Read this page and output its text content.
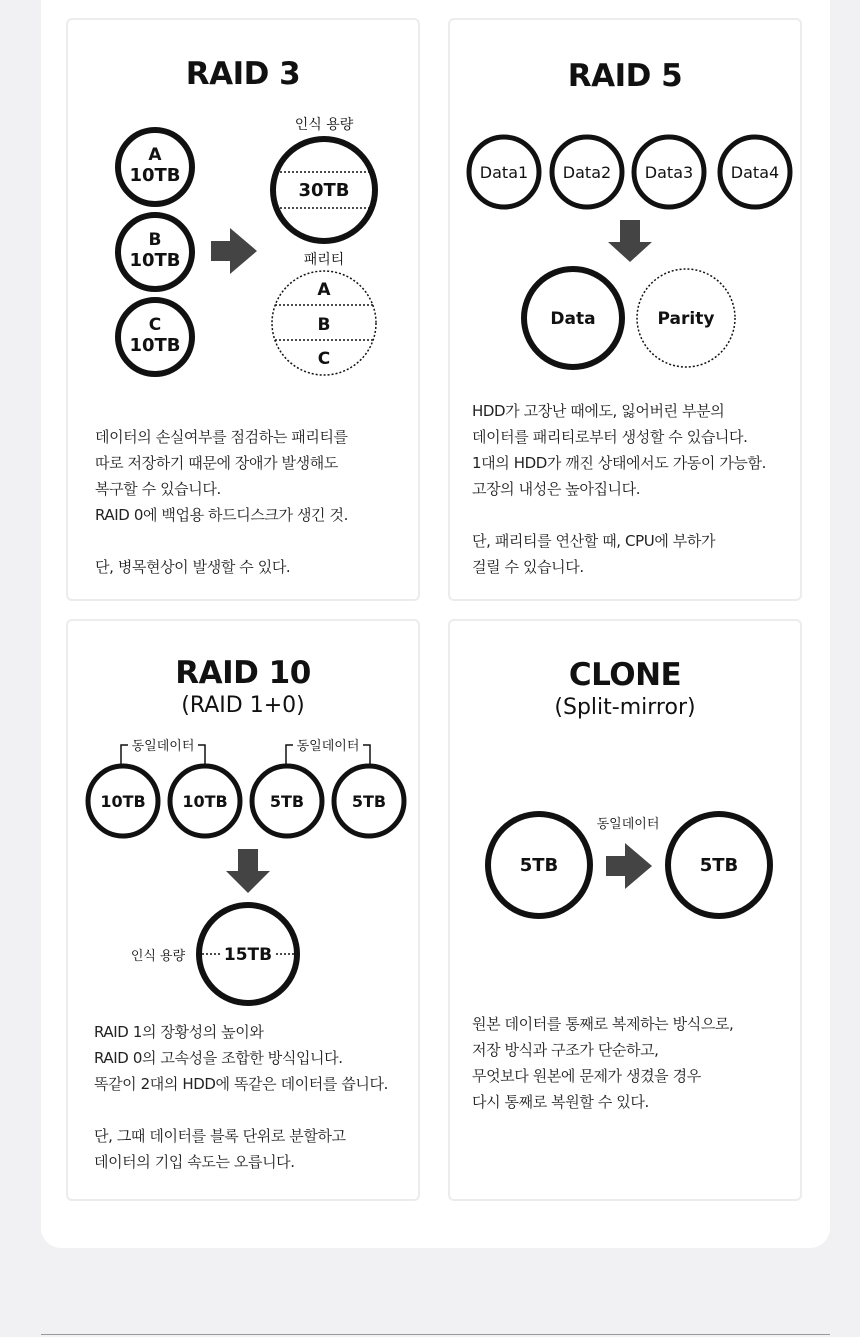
RAID 3
A
10TB
B
10TB
C
10TB
인식 용량
30TB
패리티
A
B
C
데이터의 손실여부를 점검하는 패리티를
따로 저장하기 때문에 장애가 발생해도
복구할 수 있습니다.
RAID 0에 백업용 하드디스크가 생긴 것.

단, 병목현상이 발생할 수 있다.
RAID 5
Data1 Data2 Data3 Data4
Data	Parity
HDD가 고장난 때에도, 잃어버린 부분의
데이터를 패리티로부터 생성할 수 있습니다.
1대의 HDD가 깨진 상태에서도 가동이 가능함.
고장의 내성은 높아집니다.

단, 패리티를 연산할 때, CPU에 부하가
걸릴 수 있습니다.
RAID 10
(RAID 1+0)
동일데이터	동일데이터
10TB 10TB	5TB	5TB
인식 용량 15TB
RAID 1의 장황성의 높이와
RAID 0의 고속성을 조합한 방식입니다.
똑같이 2대의 HDD에 똑같은 데이터를 씁니다.

단, 그때 데이터를 블록 단위로 분할하고
데이터의 기입 속도는 오릅니다.
CLONE
(Split-mirror)
5TB
동일데이터
5TB
원본 데이터를 통째로 복제하는 방식으로,
저장 방식과 구조가 단순하고,
무엇보다 원본에 문제가 생겼을 경우
다시 통째로 복원할 수 있다.
